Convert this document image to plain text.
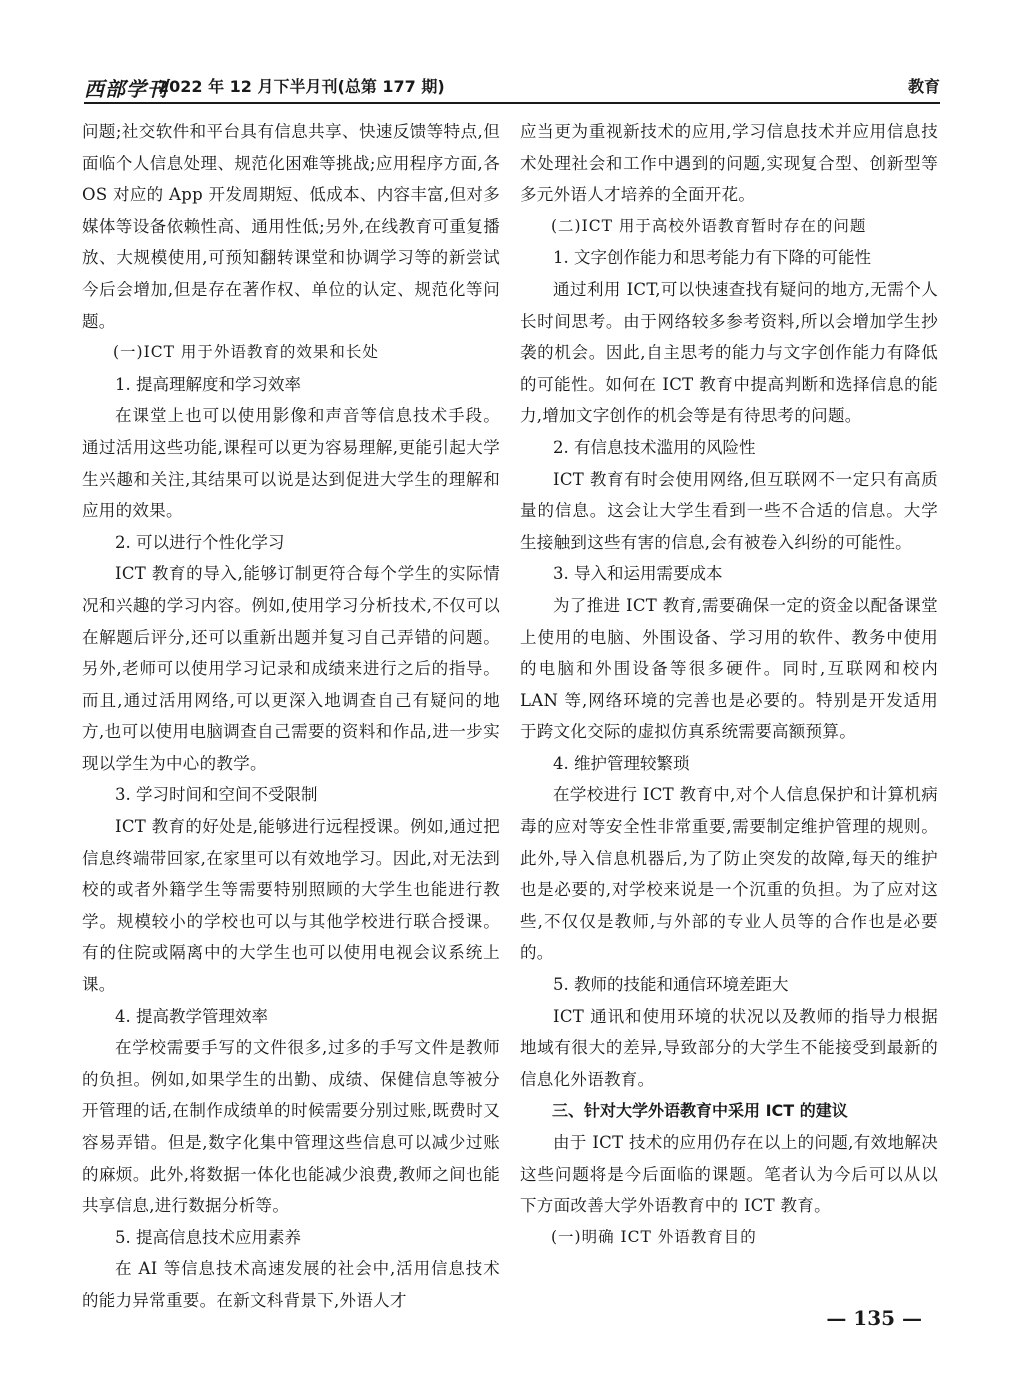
西部学刊
2022 年 12 月下半月刊(总第 177 期)	教育
问题;社交软件和平台具有信息共享、快速反馈等特点,但面临个人信息处理、规范化困难等挑战;应用程序方面,各 OS 对应的 App 开发周期短、低成本、内容丰富,但对多媒体等设备依赖性高、通用性低;另外,在线教育可重复播放、大规模使用,可预知翻转课堂和协调学习等的新尝试今后会增加,但是存在著作权、单位的认定、规范化等问题。
(一)ICT 用于外语教育的效果和长处
1. 提高理解度和学习效率
在课堂上也可以使用影像和声音等信息技术手段。通过活用这些功能,课程可以更为容易理解,更能引起大学生兴趣和关注,其结果可以说是达到促进大学生的理解和应用的效果。
2. 可以进行个性化学习
ICT 教育的导入,能够订制更符合每个学生的实际情况和兴趣的学习内容。例如,使用学习分析技术,不仅可以在解题后评分,还可以重新出题并复习自己弄错的问题。另外,老师可以使用学习记录和成绩来进行之后的指导。而且,通过活用网络,可以更深入地调查自己有疑问的地方,也可以使用电脑调查自己需要的资料和作品,进一步实现以学生为中心的教学。
3. 学习时间和空间不受限制
ICT 教育的好处是,能够进行远程授课。例如,通过把信息终端带回家,在家里可以有效地学习。因此,对无法到校的或者外籍学生等需要特别照顾的大学生也能进行教学。规模较小的学校也可以与其他学校进行联合授课。有的住院或隔离中的大学生也可以使用电视会议系统上课。
4. 提高教学管理效率
在学校需要手写的文件很多,过多的手写文件是教师的负担。例如,如果学生的出勤、成绩、保健信息等被分开管理的话,在制作成绩单的时候需要分别过账,既费时又容易弄错。但是,数字化集中管理这些信息可以减少过账的麻烦。此外,将数据一体化也能减少浪费,教师之间也能共享信息,进行数据分析等。
5. 提高信息技术应用素养
在 AI 等信息技术高速发展的社会中,活用信息技术的能力异常重要。在新文科背景下,外语人才
应当更为重视新技术的应用,学习信息技术并应用信息技术处理社会和工作中遇到的问题,实现复合型、创新型等多元外语人才培养的全面开花。
(二)ICT 用于高校外语教育暂时存在的问题
1. 文字创作能力和思考能力有下降的可能性
通过利用 ICT,可以快速查找有疑问的地方,无需个人长时间思考。由于网络较多参考资料,所以会增加学生抄袭的机会。因此,自主思考的能力与文字创作能力有降低的可能性。如何在 ICT 教育中提高判断和选择信息的能力,增加文字创作的机会等是有待思考的问题。
2. 有信息技术滥用的风险性
ICT 教育有时会使用网络,但互联网不一定只有高质量的信息。这会让大学生看到一些不合适的信息。大学生接触到这些有害的信息,会有被卷入纠纷的可能性。
3. 导入和运用需要成本
为了推进 ICT 教育,需要确保一定的资金以配备课堂上使用的电脑、外围设备、学习用的软件、教务中使用的电脑和外围设备等很多硬件。同时,互联网和校内 LAN 等,网络环境的完善也是必要的。特别是开发适用于跨文化交际的虚拟仿真系统需要高额预算。
4. 维护管理较繁琐
在学校进行 ICT 教育中,对个人信息保护和计算机病毒的应对等安全性非常重要,需要制定维护管理的规则。此外,导入信息机器后,为了防止突发的故障,每天的维护也是必要的,对学校来说是一个沉重的负担。为了应对这些,不仅仅是教师,与外部的专业人员等的合作也是必要的。
5. 教师的技能和通信环境差距大
ICT 通讯和使用环境的状况以及教师的指导力根据地域有很大的差异,导致部分的大学生不能接受到最新的信息化外语教育。
三、针对大学外语教育中采用 ICT 的建议
由于 ICT 技术的应用仍存在以上的问题,有效地解决这些问题将是今后面临的课题。笔者认为今后可以从以下方面改善大学外语教育中的 ICT 教育。
(一)明确 ICT 外语教育目的
— 135 —
